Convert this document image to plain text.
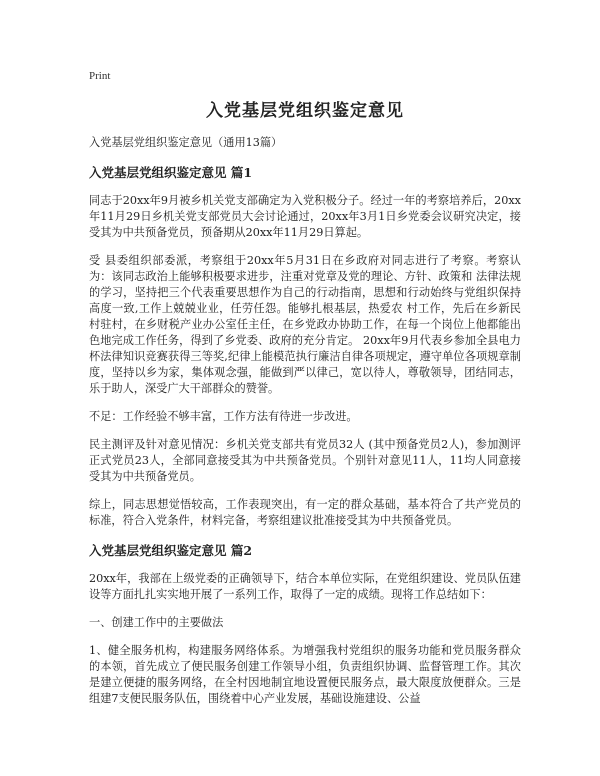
Print
入党基层党组织鉴定意见
入党基层党组织鉴定意见（通用13篇）
入党基层党组织鉴定意见 篇1
同志于20xx年9月被乡机关党支部确定为入党积极分子。经过一年的考察培养后，20xx年11月29日乡机关党支部党员大会讨论通过，20xx年3月1日乡党委会议研究决定，接受其为中共预备党员，预备期从20xx年11月29日算起。
受 县委组织部委派，考察组于20xx年5月31日在乡政府对同志进行了考察。考察认为：该同志政治上能够积极要求进步，注重对党章及党的理论、方针、政策和 法律法规的学习，坚持把三个代表重要思想作为自己的行动指南，思想和行动始终与党组织保持高度一致,工作上兢兢业业，任劳任怨。能够扎根基层，热爱农 村工作，先后在乡新民村驻村，在乡财税产业办公室任主任，在乡党政办协助工作，在每一个岗位上他都能出色地完成工作任务，得到了乡党委、政府的充分肯定。 20xx年9月代表乡参加全县电力杯法律知识竞赛获得三等奖,纪律上能模范执行廉洁自律各项规定，遵守单位各项规章制度，坚持以乡为家，集体观念强，能做到严以律己，宽以待人，尊敬领导，团结同志，乐于助人，深受广大干部群众的赞誉。
不足：工作经验不够丰富，工作方法有待进一步改进。
民主测评及针对意见情况：乡机关党支部共有党员32人 (其中预备党员2人)，参加测评正式党员23人，全部同意接受其为中共预备党员。个别针对意见11人，11均人同意接受其为中共预备党员。
综上，同志思想觉悟较高，工作表现突出，有一定的群众基础，基本符合了共产党员的标准，符合入党条件，材料完备，考察组建议批准接受其为中共预备党员。
入党基层党组织鉴定意见 篇2
20xx年，我部在上级党委的正确领导下，结合本单位实际，在党组织建设、党员队伍建设等方面扎扎实实地开展了一系列工作，取得了一定的成绩。现将工作总结如下：
一、创建工作中的主要做法
1、健全服务机构，构建服务网络体系。为增强我村党组织的服务功能和党员服务群众的本领，首先成立了便民服务创建工作领导小组，负责组织协调、监督管理工作。其次是建立便捷的服务网络，在全村因地制宜地设置便民服务点，最大限度放便群众。三是组建7支便民服务队伍，围绕着中心产业发展，基础设施建设、公益
